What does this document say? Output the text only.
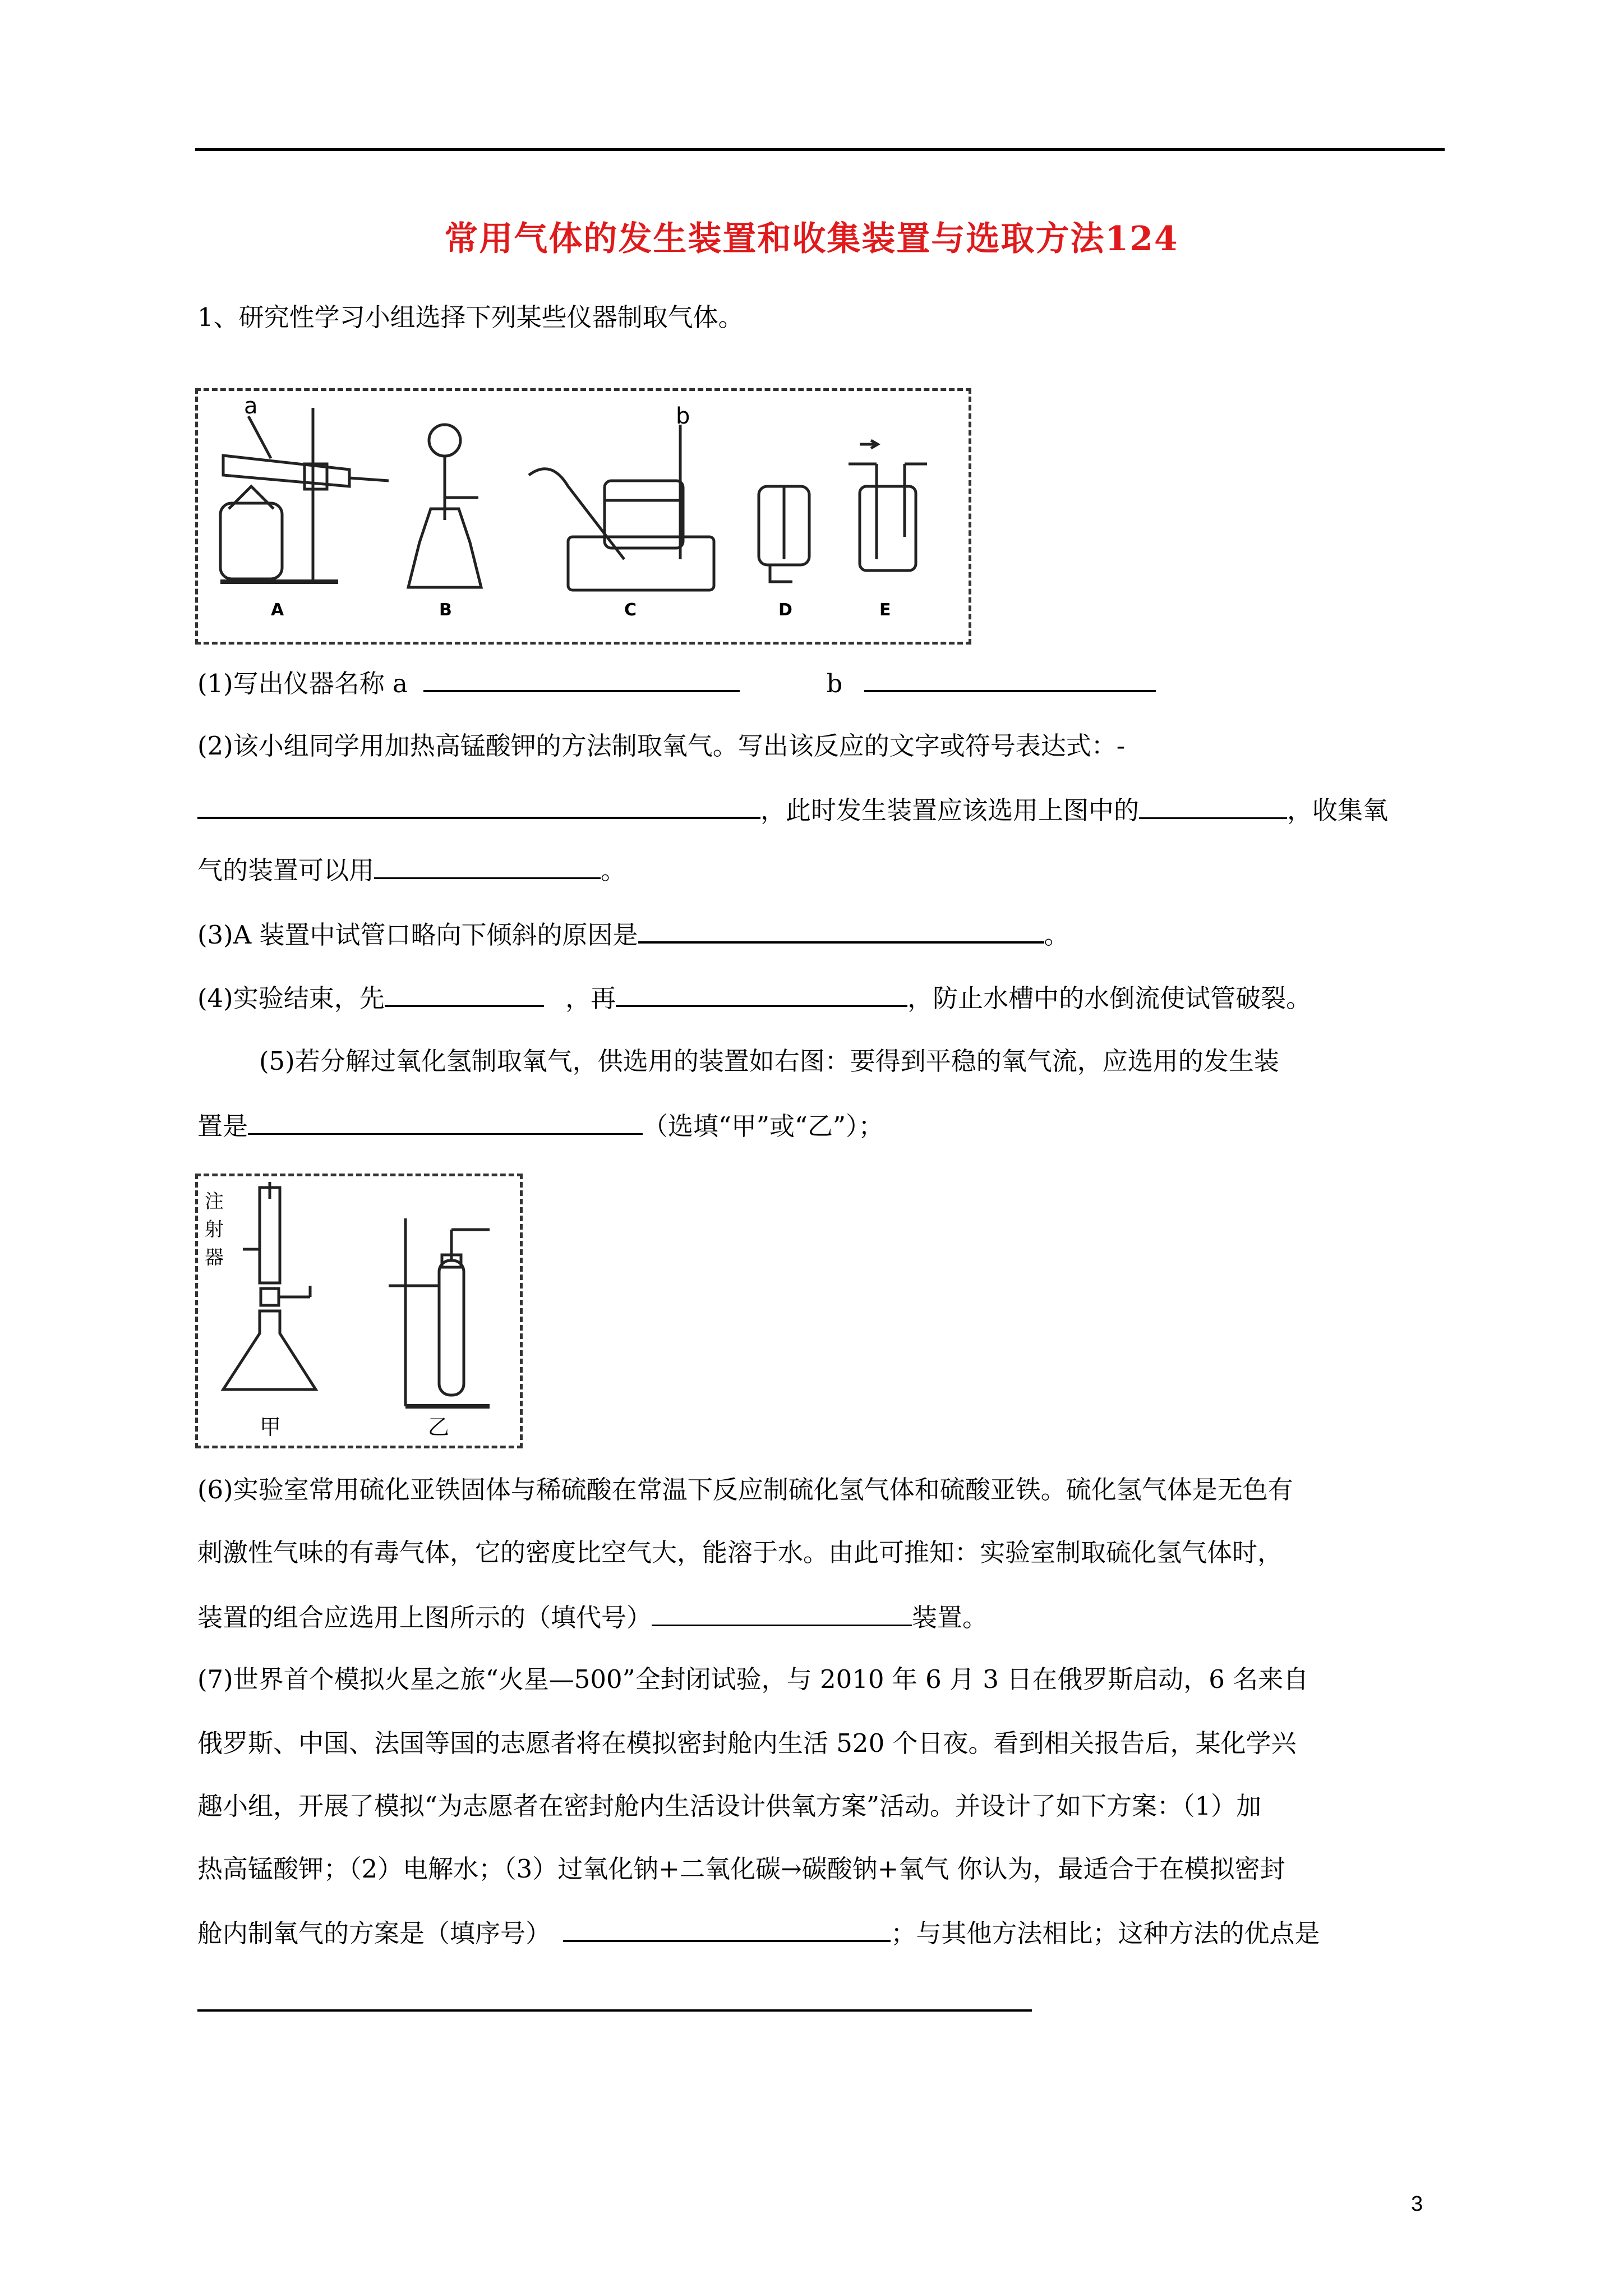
常用气体的发生装置和收集装置与选取方法124
1、研究性学习小组选择下列某些仪器制取气体。
a	b
A	B	C	D	E
(1)写出仪器名称 a	b
(2)该小组同学用加热高锰酸钾的方法制取氧气。写出该反应的文字或符号表达式：-
，此时发生装置应该选用上图中的	，收集氧
气的装置可以用	。
(3)A 装置中试管口略向下倾斜的原因是	。
(4)实验结束，先	，再	，防止水槽中的水倒流使试管破裂。
(5)若分解过氧化氢制取氧气，供选用的装置如右图：要得到平稳的氧气流，应选用的发生装
置是	（选填“甲”或“乙”）；
注
射
器
甲	乙
(6)实验室常用硫化亚铁固体与稀硫酸在常温下反应制硫化氢气体和硫酸亚铁。硫化氢气体是无色有
刺激性气味的有毒气体，它的密度比空气大，能溶于水。由此可推知：实验室制取硫化氢气体时，
装置的组合应选用上图所示的（填代号）	装置。
(7)世界首个模拟火星之旅“火星—500”全封闭试验，与 2010 年 6 月 3 日在俄罗斯启动，6 名来自
俄罗斯、中国、法国等国的志愿者将在模拟密封舱内生活 520 个日夜。看到相关报告后，某化学兴
趣小组，开展了模拟“为志愿者在密封舱内生活设计供氧方案”活动。并设计了如下方案：（1）加
热高锰酸钾；（2）电解水；（3）过氧化钠+二氧化碳→碳酸钠+氧气 你认为，最适合于在模拟密封
舱内制氧气的方案是（填序号）	；与其他方法相比；这种方法的优点是
3
